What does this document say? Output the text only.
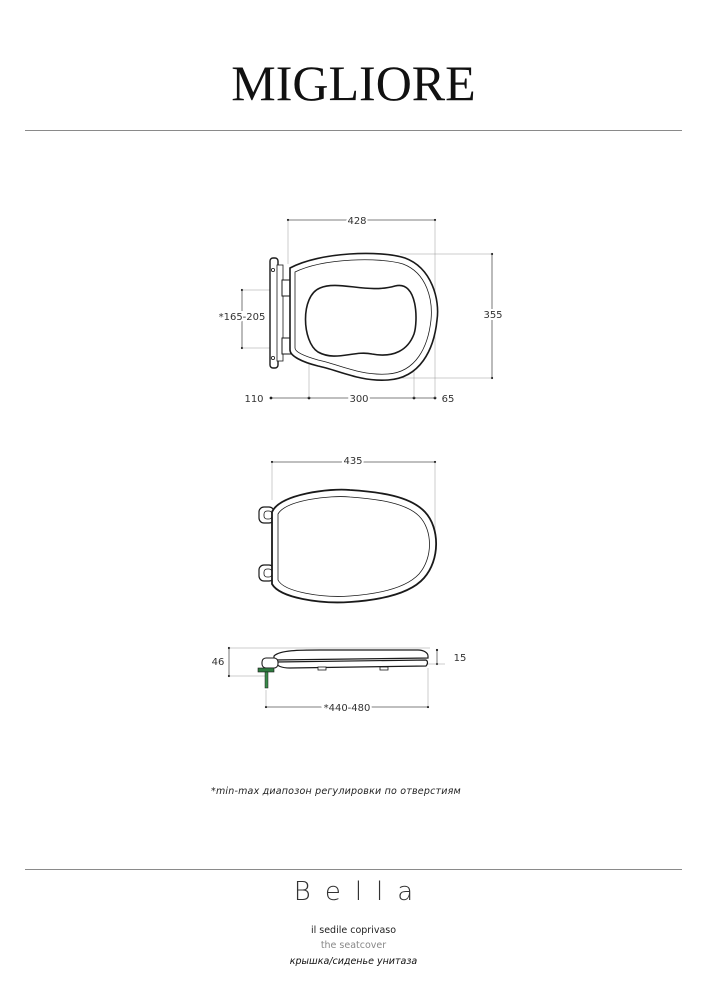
MIGLIORE
428
355
*165-205
110	300	65
435
46	15
*440-480
*min-max диапозон регулировки по отверстиям
Bella
il sedile coprivaso
the seatcover
крышка/сиденье унитаза
